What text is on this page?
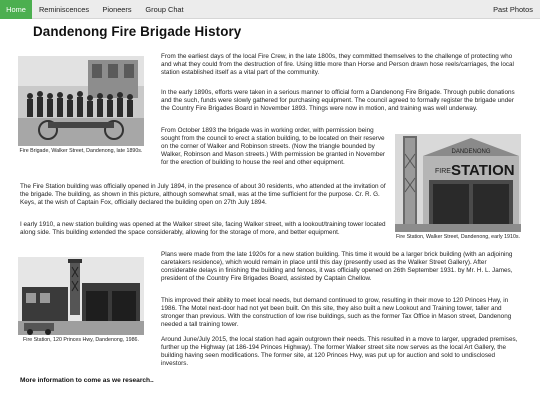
Home	Reminiscences	Pioneers	Group Chat	Past Photos
Dandenong Fire Brigade History
Fire Brigade, Walker Street, Dandenong, late 1890s.	DANDENONG
FIRE STATION
Fire Station, Walker Street, Dandenong, early 1910s.
Fire Station, 120 Princes Hwy, Dandenong, 1986.
From the earliest days of the local Fire Crew, in the late 1800s, they committed themselves to the challenge of protecting who and what they could from the destruction of fire. Using little more than Horse and Person drawn hose reels/carriages, the local station established itself as a vital part of the community.
In the early 1890s, efforts were taken in a serious manner to official form a Dandenong Fire Brigade. Through public donations and the such, funds were slowly gathered for purchasing equipment. The council agreed to formally register the brigade under the Country Fire Brigades Board in November 1893. Things were now in motion, and training was well underway.
From October 1893 the brigade was in working order, with permission being sought from the council to erect a station building, to be located on their reserve on the corner of Walker and Robinson streets. (Now the triangle bounded by Walker, Robinson and Mason streets.) With permission be granted in November for the erection of building to house the reel and other equipment.
The Fire Station building was officially opened in July 1894, in the presence of about 30 residents, who attended at the invitation of the brigade. The building, as shown in this picture, although somewhat small, was at the time sufficient for the purpose. Cr. R. G. Keys, at the wish of Captain Fox, officially declared the building open on 27th July 1894.
I early 1910, a new station building was opened at the Walker street site, facing Walker street, with a lookout/training tower located along side. This building extended the space considerably, allowing for the storage of more, and better equipment.
Plans were made from the late 1920s for a new station building. This time it would be a larger brick building (with an adjoining caretakers residence), which would remain in place until this day (presently used as the Walker Street Gallery). After considerable delays in finishing the building and fences, it was officially opened on 26th September 1931. by Mr. H. L. James, president of the Country Fire Brigades Board, assisted by Captain Chellow.
This improved their ability to meet local needs, but demand continued to grow, resulting in their move to 120 Princes Hwy, in 1986. The Motel next-door had not yet been built. On this site, they also built a new Lookout and Training tower, taller and stronger than previous. With the construction of low rise buildings, such as the former Tax Office in Mason street, Dandenong needed a tall training tower.
Around June/July 2015, the local station had again outgrown their needs. This resulted in a move to larger, upgraded premises, further up the Highway (at 186-194 Princes Highway). The former Walker street site now serves as the local Art Gallery, the building having seen modifications. The former site, at 120 Princes Hwy, was put up for auction and sold to undisclosed investors.
More information to come as we research..
